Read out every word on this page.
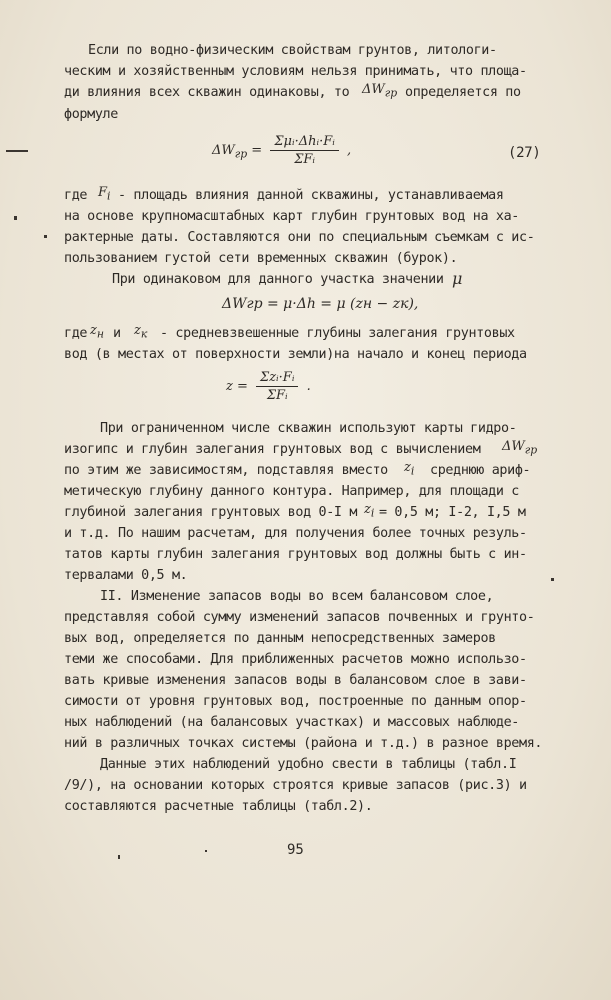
Если по водно-физическим свойствам грунтов, литологи-
ческим и хозяйственным условиям нельзя принимать, что площа-
ди влияния всех скважин одинаковы, то	определяется по
формуле
где - площадь влияния данной скважины, устанавливаемая
на основе крупномасштабных карт глубин грунтовых вод на ха-
рактерные даты. Составляются они по специальным съемкам с ис-
пользованием густой сети временных скважин (бурок).
При одинаковом для данного участка значении
где и	- средневзвешенные глубины залегания грунтовых
вод (в местах от поверхности земли)на начало и конец периода
При ограниченном числе скважин используют карты гидро-
изогипс и глубин залегания грунтовых вод с вычислением
по этим же зависимостям, подставляя вместо	среднюю ариф-
метическую глубину данного контура. Например, для площади с
глубиной залегания грунтовых вод 0-I м = 0,5 м; I-2, I,5 м
и т.д. По нашим расчетам, для получения более точных резуль-
татов карты глубин залегания грунтовых вод должны быть с ин-
тервалами 0,5 м.
II. Изменение запасов воды во всем балансовом слое,
представляя собой сумму изменений запасов почвенных и грунто-
вых вод, определяется по данным непосредственных замеров
теми же способами. Для приближенных расчетов можно использо-
вать кривые изменения запасов воды в балансовом слое в зави-
симости от уровня грунтовых вод, построенные по данным опор-
ных наблюдений (на балансовых участках) и массовых наблюде-
ний в различных точках системы (района и т.д.) в разное время.
Данные этих наблюдений удобно свести в таблицы (табл.I
/9/), на основании которых строятся кривые запасов (рис.3) и
составляются расчетные таблицы (табл.2).
$\Delta W_{гр}$
$F_i$
μ
$z_н$ $z_к$
$\Delta W_{гр}$
$z_i$
$z_i$
$\Delta W_{гр} = \frac{\text{Σμᵢ·Δhᵢ·Fᵢ}}{\text{ΣFᵢ}}$ ,	(27)
ΔWгр = μ·Δh = μ (zн − zк),
$z = \frac{\text{Σzᵢ·Fᵢ}}{\text{ΣFᵢ}}$ .
95
